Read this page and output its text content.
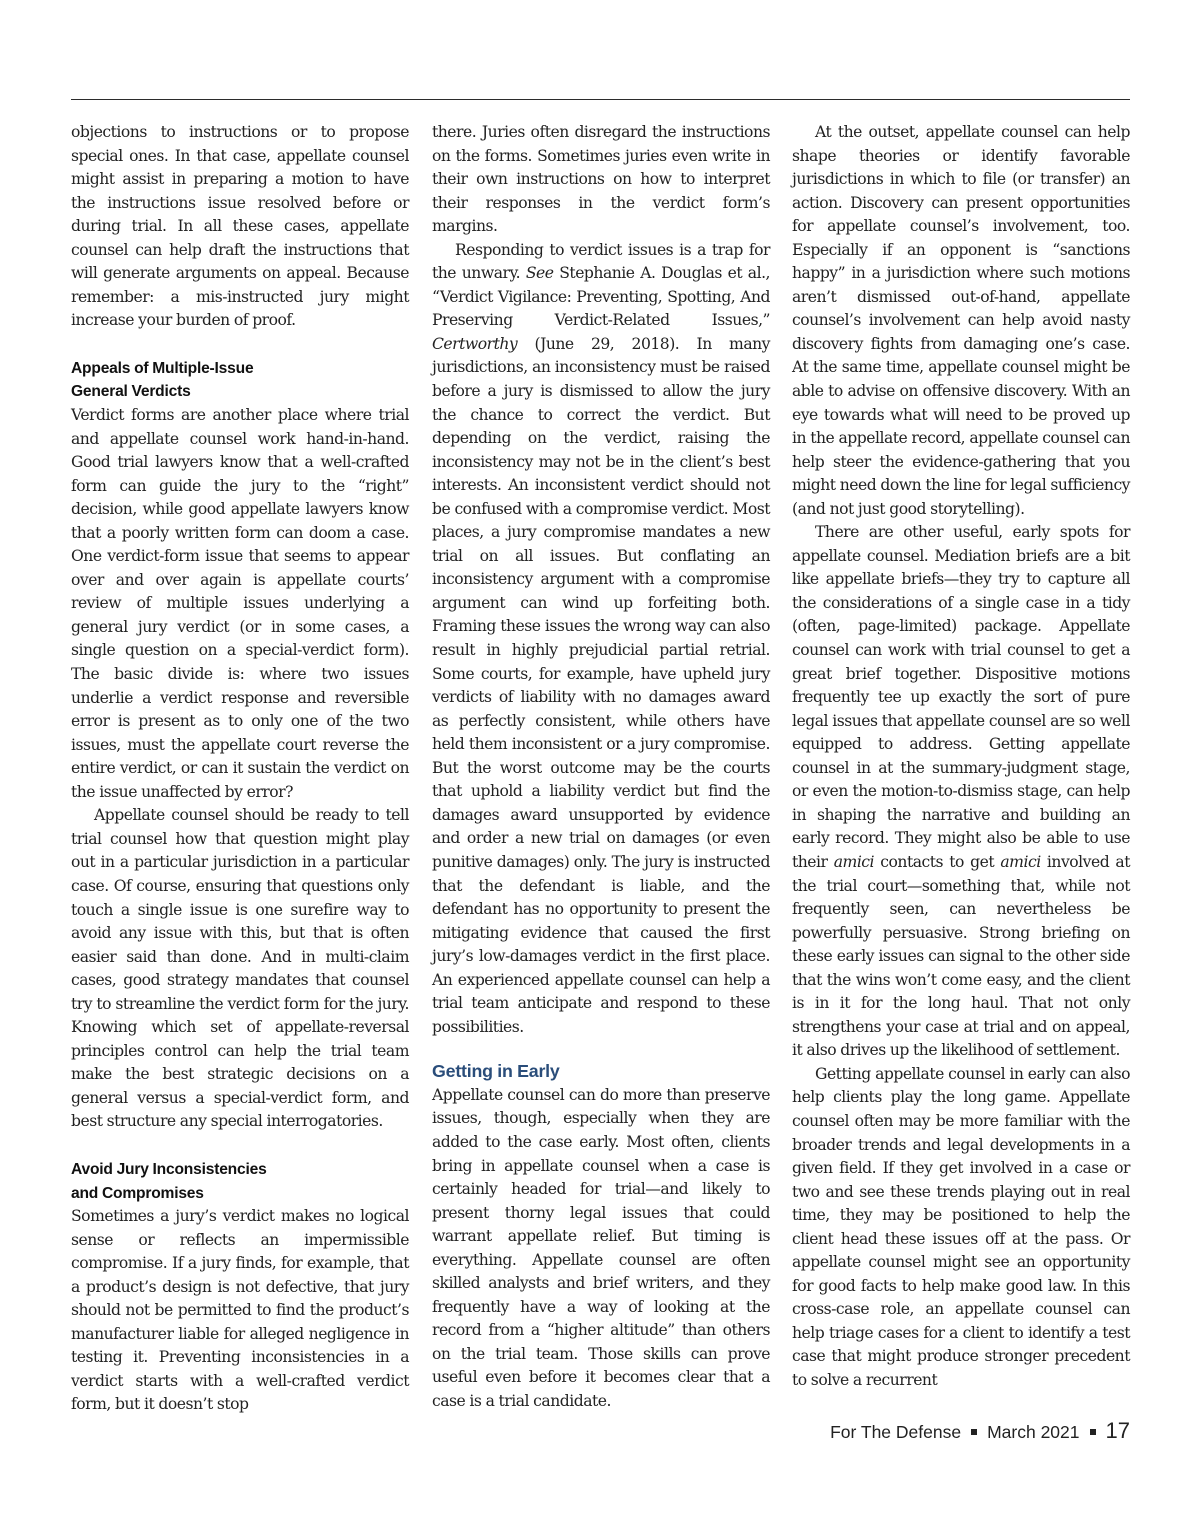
objections to instructions or to propose special ones. In that case, appellate counsel might assist in preparing a motion to have the instructions issue resolved before or during trial. In all these cases, appellate counsel can help draft the instructions that will generate arguments on appeal. Because remember: a mis-instructed jury might increase your burden of proof.

Appeals of Multiple-Issue
General Verdicts

Verdict forms are another place where trial and appellate counsel work hand-in-hand. Good trial lawyers know that a well-crafted form can guide the jury to the “right” decision, while good appellate lawyers know that a poorly written form can doom a case. One verdict-form issue that seems to appear over and over again is appellate courts’ review of multiple issues underlying a general jury verdict (or in some cases, a single question on a special-verdict form). The basic divide is: where two issues underlie a verdict response and reversible error is present as to only one of the two issues, must the appellate court reverse the entire verdict, or can it sustain the verdict on the issue unaffected by error?

Appellate counsel should be ready to tell trial counsel how that question might play out in a particular jurisdiction in a particular case. Of course, ensuring that questions only touch a single issue is one surefire way to avoid any issue with this, but that is often easier said than done. And in multi-claim cases, good strategy mandates that counsel try to streamline the verdict form for the jury. Knowing which set of appellate-reversal principles control can help the trial team make the best strategic decisions on a general versus a special-verdict form, and best structure any special interrogatories.

Avoid Jury Inconsistencies
and Compromises

Sometimes a jury’s verdict makes no logical sense or reflects an impermissible compromise. If a jury finds, for example, that a product’s design is not defective, that jury should not be permitted to find the product’s manufacturer liable for alleged negligence in testing it. Preventing inconsistencies in a verdict starts with a well-crafted verdict form, but it doesn’t stop

there. Juries often disregard the instructions on the forms. Sometimes juries even write in their own instructions on how to interpret their responses in the verdict form’s margins.

Responding to verdict issues is a trap for the unwary. See Stephanie A. Douglas et al., “Verdict Vigilance: Preventing, Spotting, And Preserving Verdict-Related Issues,” Certworthy (June 29, 2018). In many jurisdictions, an inconsistency must be raised before a jury is dismissed to allow the jury the chance to correct the verdict. But depending on the verdict, raising the inconsistency may not be in the client’s best interests. An inconsistent verdict should not be confused with a compromise verdict. Most places, a jury compromise mandates a new trial on all issues. But conflating an inconsistency argument with a compromise argument can wind up forfeiting both. Framing these issues the wrong way can also result in highly prejudicial partial retrial. Some courts, for example, have upheld jury verdicts of liability with no damages award as perfectly consistent, while others have held them inconsistent or a jury compromise. But the worst outcome may be the courts that uphold a liability verdict but find the damages award unsupported by evidence and order a new trial on damages (or even punitive damages) only. The jury is instructed that the defendant is liable, and the defendant has no opportunity to present the mitigating evidence that caused the first jury’s low-damages verdict in the first place. An experienced appellate counsel can help a trial team anticipate and respond to these possibilities.

Getting in Early

Appellate counsel can do more than preserve issues, though, especially when they are added to the case early. Most often, clients bring in appellate counsel when a case is certainly headed for trial—and likely to present thorny legal issues that could warrant appellate relief. But timing is everything. Appellate counsel are often skilled analysts and brief writers, and they frequently have a way of looking at the record from a “higher altitude” than others on the trial team. Those skills can prove useful even before it becomes clear that a case is a trial candidate.

At the outset, appellate counsel can help shape theories or identify favorable jurisdictions in which to file (or transfer) an action. Discovery can present opportunities for appellate counsel’s involvement, too. Especially if an opponent is “sanctions happy” in a jurisdiction where such motions aren’t dismissed out-of-hand, appellate counsel’s involvement can help avoid nasty discovery fights from damaging one’s case. At the same time, appellate counsel might be able to advise on offensive discovery. With an eye towards what will need to be proved up in the appellate record, appellate counsel can help steer the evidence-gathering that you might need down the line for legal sufficiency (and not just good storytelling).

There are other useful, early spots for appellate counsel. Mediation briefs are a bit like appellate briefs—they try to capture all the considerations of a single case in a tidy (often, page-limited) package. Appellate counsel can work with trial counsel to get a great brief together. Dispositive motions frequently tee up exactly the sort of pure legal issues that appellate counsel are so well equipped to address. Getting appellate counsel in at the summary-judgment stage, or even the motion-to-dismiss stage, can help in shaping the narrative and building an early record. They might also be able to use their amici contacts to get amici involved at the trial court—something that, while not frequently seen, can nevertheless be powerfully persuasive. Strong briefing on these early issues can signal to the other side that the wins won’t come easy, and the client is in it for the long haul. That not only strengthens your case at trial and on appeal, it also drives up the likelihood of settlement.

Getting appellate counsel in early can also help clients play the long game. Appellate counsel often may be more familiar with the broader trends and legal developments in a given field. If they get involved in a case or two and see these trends playing out in real time, they may be positioned to help the client head these issues off at the pass. Or appellate counsel might see an opportunity for good facts to help make good law. In this cross-case role, an appellate counsel can help triage cases for a client to identify a test case that might produce stronger precedent to solve a recurrent

For The Defense March 2021 17
